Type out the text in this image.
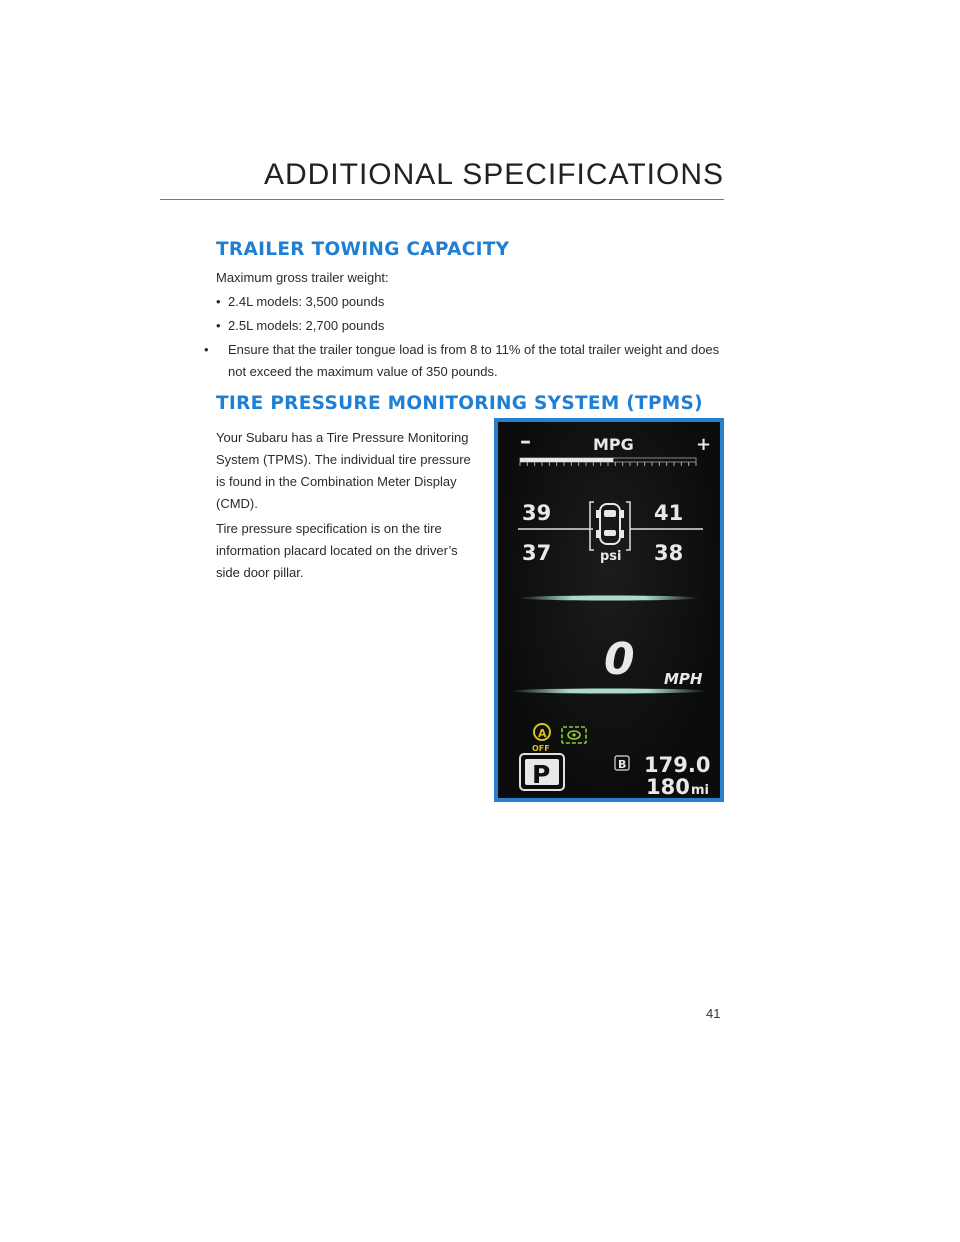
ADDITIONAL SPECIFICATIONS
TRAILER TOWING CAPACITY
Maximum gross trailer weight:
• 2.4L models: 3,500 pounds
• 2.5L models: 2,700 pounds
• Ensure that the trailer tongue load is from 8 to 11% of the total trailer weight and does not exceed the maximum value of 350 pounds.
TIRE PRESSURE MONITORING SYSTEM (TPMS)
Your Subaru has a Tire Pressure Monitoring System (TPMS). The individual tire pressure is found in the Combination Meter Display (CMD).
Tire pressure specification is on the tire information placard located on the driver’s side door pillar.
–	MPG	+
39	41
37	38
psi
0 MPH
A
OFF
P	B 179.0
180 mi
41
